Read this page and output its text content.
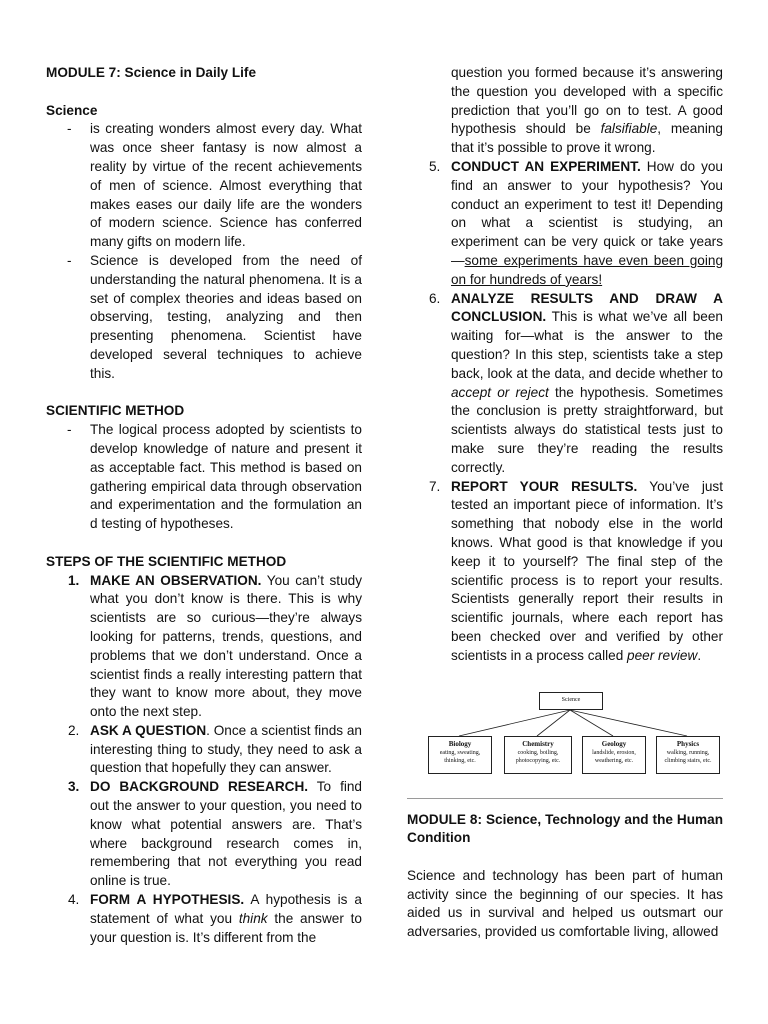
MODULE 7: Science in Daily Life

Science

- is creating wonders almost every day. What was once sheer fantasy is now almost a reality by virtue of the recent achievements of men of science. Almost everything that makes eases our daily life are the wonders of modern science. Science has conferred many gifts on modern life.
- Science is developed from the need of understanding the natural phenomena. It is a set of complex theories and ideas based on observing, testing, analyzing and then presenting phenomena. Scientist have developed several techniques to achieve this.

SCIENTIFIC METHOD

- The logical process adopted by scientists to develop knowledge of nature and present it as acceptable fact. This method is based on gathering empirical data through observation and experimentation and the formulation an d testing of hypotheses.

STEPS OF THE SCIENTIFIC METHOD

1. MAKE AN OBSERVATION. You can’t study what you don’t know is there. This is why scientists are so curious—they’re always looking for patterns, trends, questions, and problems that we don’t understand. Once a scientist finds a really interesting pattern that they want to know more about, they move onto the next step.
2. ASK A QUESTION. Once a scientist finds an interesting thing to study, they need to ask a question that hopefully they can answer.
3. DO BACKGROUND RESEARCH. To find out the answer to your question, you need to know what potential answers are. That’s where background research comes in, remembering that not everything you read online is true.
4. FORM A HYPOTHESIS. A hypothesis is a statement of what you think the answer to your question is. It’s different from the
question you formed because it’s answering the question you developed with a specific prediction that you’ll go on to test. A good hypothesis should be falsifiable, meaning that it’s possible to prove it wrong.
5. CONDUCT AN EXPERIMENT. How do you find an answer to your hypothesis? You conduct an experiment to test it! Depending on what a scientist is studying, an experiment can be very quick or take years—some experiments have even been going on for hundreds of years!
6. ANALYZE RESULTS AND DRAW A CONCLUSION. This is what we’ve all been waiting for—what is the answer to the question? In this step, scientists take a step back, look at the data, and decide whether to accept or reject the hypothesis. Sometimes the conclusion is pretty straightforward, but scientists always do statistical tests just to make sure they’re reading the results correctly.
7. REPORT YOUR RESULTS. You’ve just tested an important piece of information. It’s something that nobody else in the world knows. What good is that knowledge if you keep it to yourself? The final step of the scientific process is to report your results. Scientists generally report their results in scientific journals, where each report has been checked over and verified by other scientists in a process called peer review.
Science
Biology
eating, sweating, thinking, etc.
Chemistry
cooking, boiling, photocopying, etc.
Geology
landslide, erosion, weathering, etc.
Physics
walking, running, climbing stairs, etc.

MODULE 8: Science, Technology and the Human Condition

Science and technology has been part of human activity since the beginning of our species. It has aided us in survival and helped us outsmart our adversaries, provided us comfortable living, allowed
